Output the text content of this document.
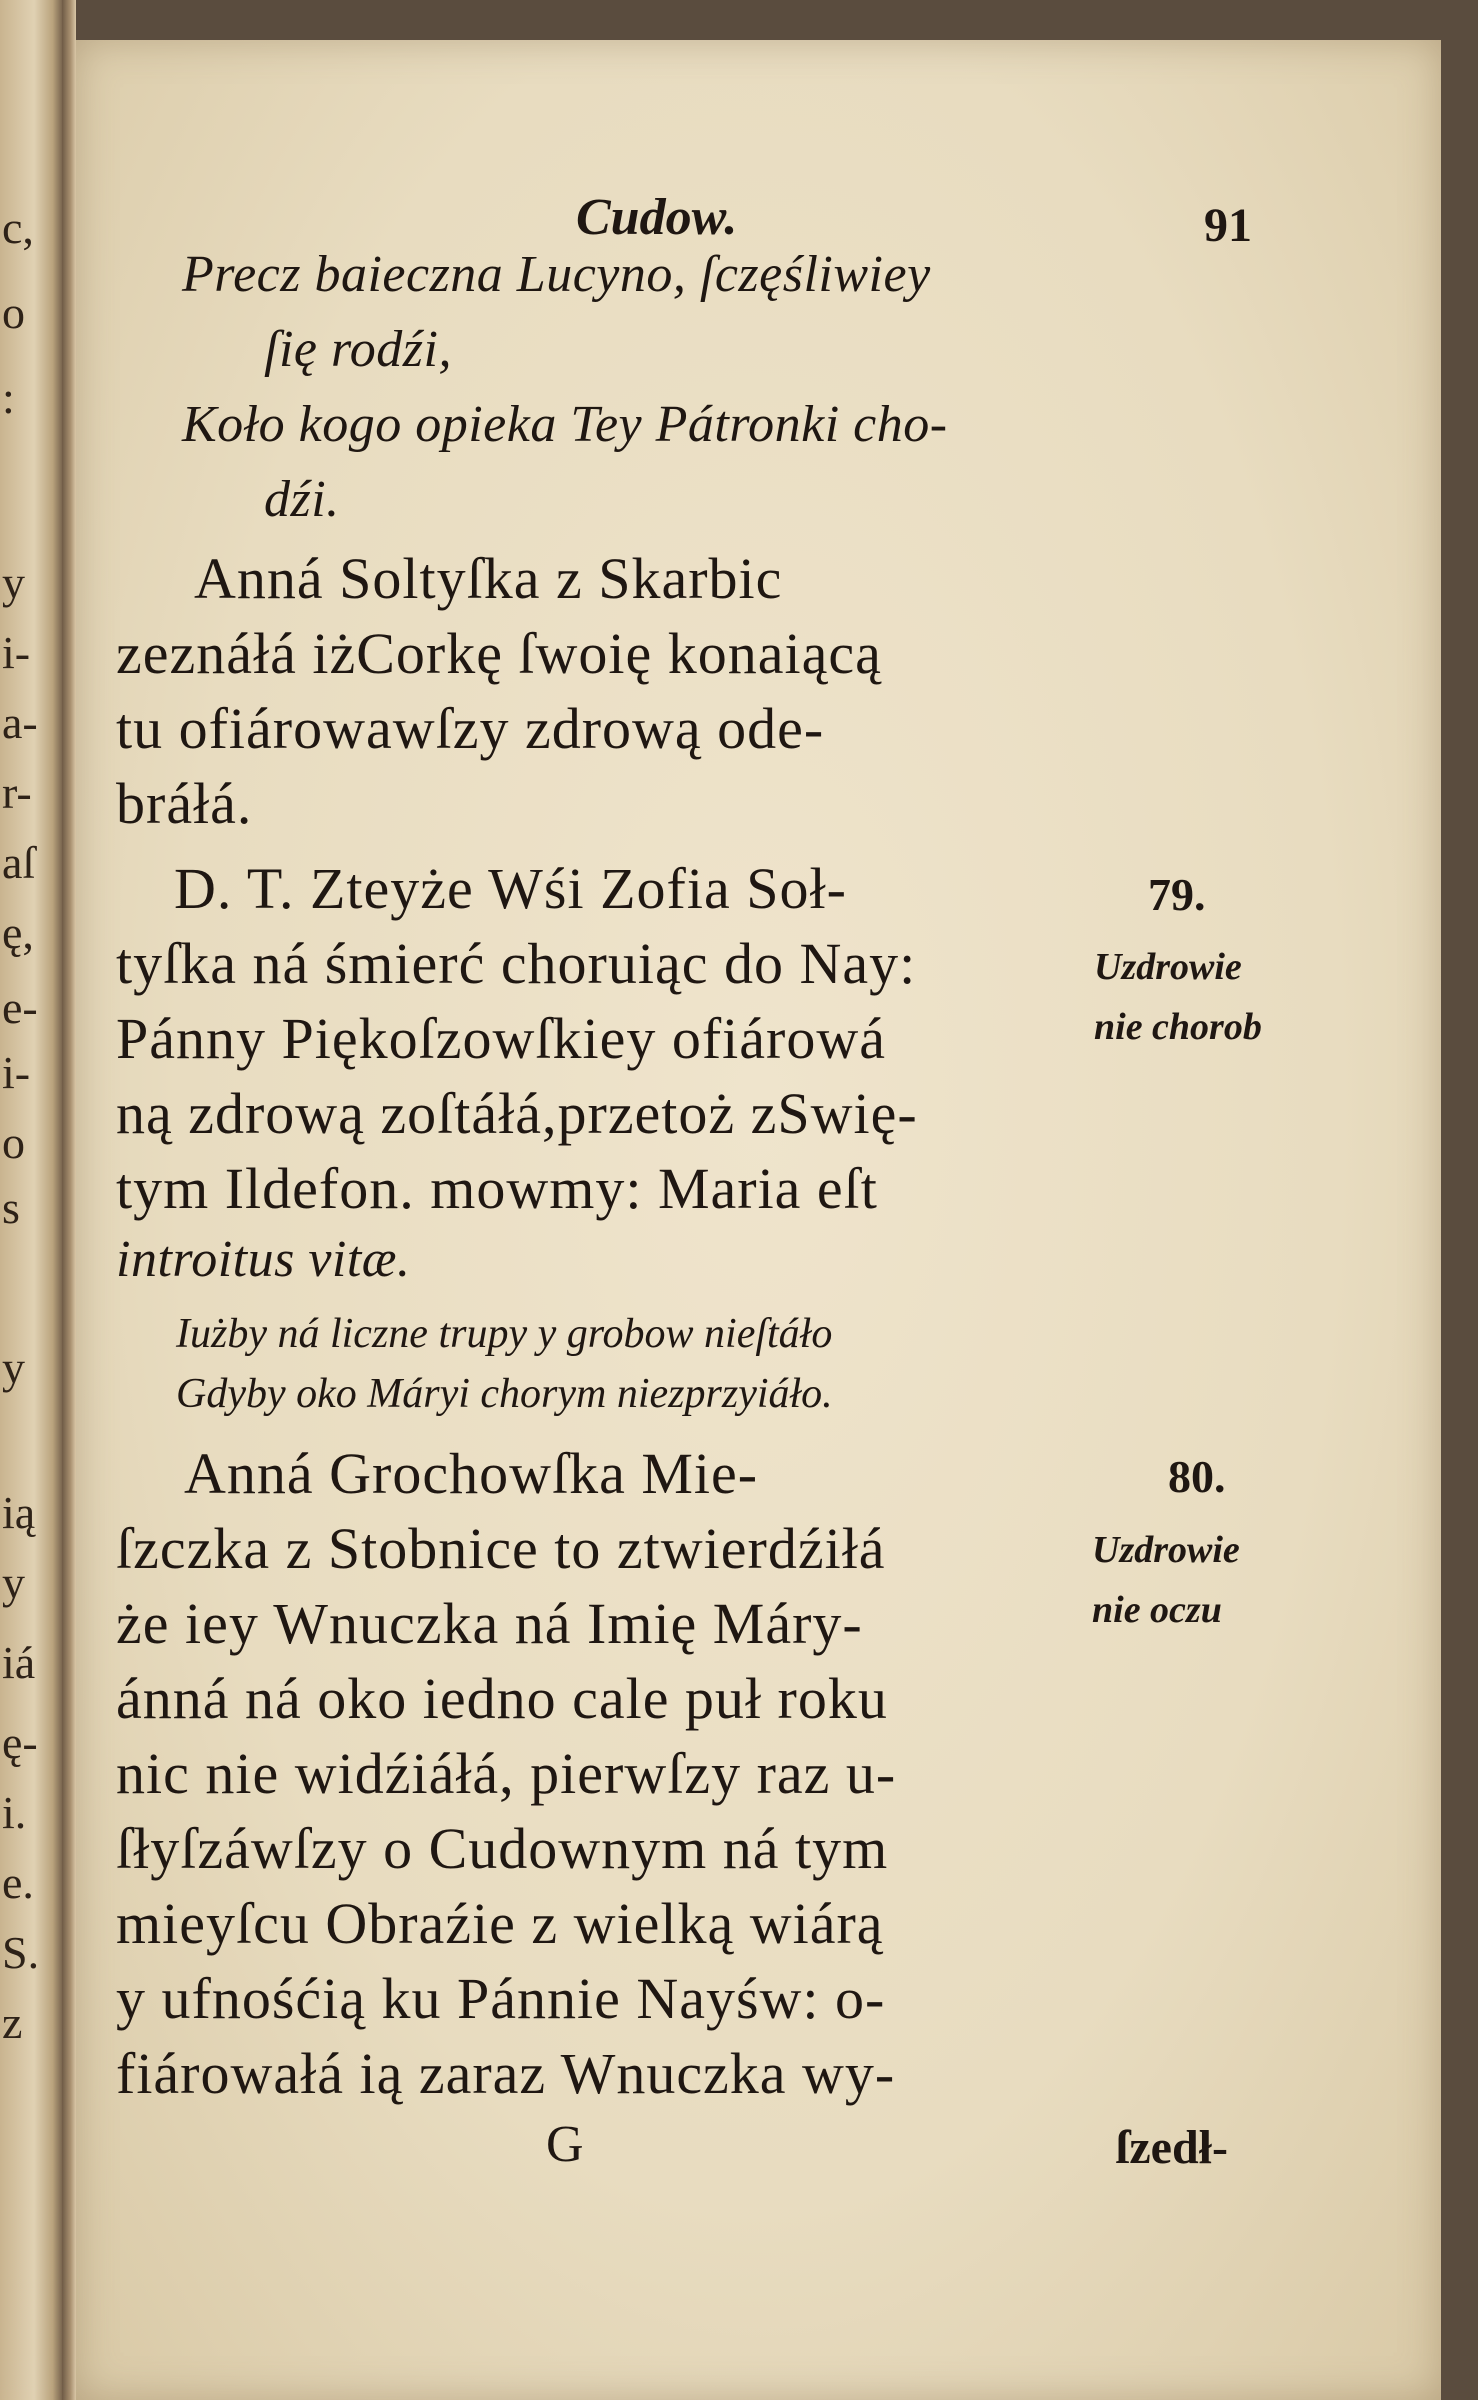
c,
o
:
y
i-
a-
r-
aſ
ę,
e-
i-
o
s
y
ią
y
iá
ę-
i.
e.
S.
z
Cudow.	91
Precz baieczna Lucyno, ſczęśliwiey
ſię rodźi,
Koło kogo opieka Tey Pátronki cho-
dźi.
Anná Soltyſka z Skarbic
zeznáłá iżCorkę ſwoię konaiącą
tu ofiárowawſzy zdrową ode-
bráłá.
D. T. Zteyże Wśi Zofia Soł-
tyſka ná śmierć choruiąc do Nay:
Pánny Piękoſzowſkiey ofiárowá
ną zdrową zoſtáłá,przetoż zSwię-
tym Ildefon. mowmy: Maria eſt
introitus vitæ.
79.
Uzdrowie
nie chorob
Iużby ná liczne trupy y grobow nieſtáło
Gdyby oko Máryi chorym niezprzyiáło.
Anná Grochowſka Mie-
ſzczka z Stobnice to ztwierdźiłá
że iey Wnuczka ná Imię Máry-
ánná ná oko iedno cale puł roku
nic nie widźiáłá, pierwſzy raz u-
ſłyſzáwſzy o Cudownym ná tym
mieyſcu Obraźie z wielką wiárą
y ufnośćią ku Pánnie Nayśw: o-
fiárowałá ią zaraz Wnuczka wy-
80.
Uzdrowie
nie oczu
G	ſzedł-
